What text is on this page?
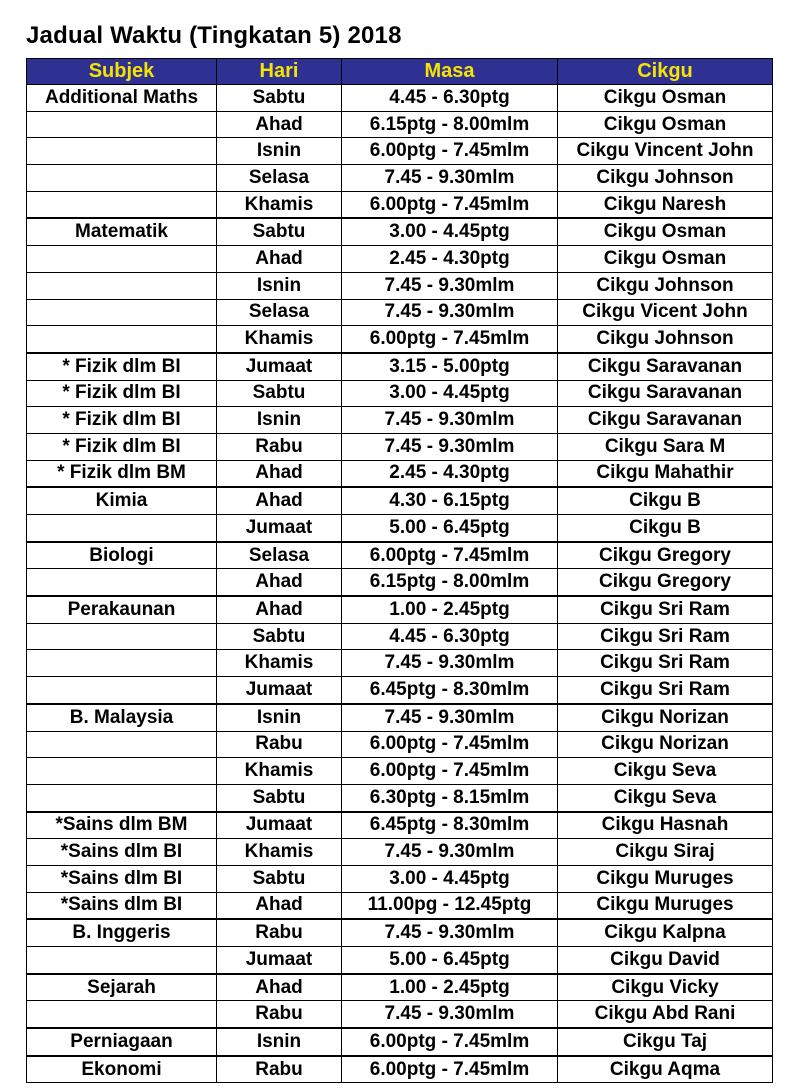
Jadual Waktu (Tingkatan 5) 2018
Subjek	Hari	Masa	Cikgu
Additional Maths	Sabtu	4.45 - 6.30ptg	Cikgu Osman
	Ahad	6.15ptg - 8.00mlm	Cikgu Osman
	Isnin	6.00ptg - 7.45mlm	Cikgu Vincent John
	Selasa	7.45 - 9.30mlm	Cikgu Johnson
	Khamis	6.00ptg - 7.45mlm	Cikgu Naresh
Matematik	Sabtu	3.00 - 4.45ptg	Cikgu Osman
	Ahad	2.45 - 4.30ptg	Cikgu Osman
	Isnin	7.45 - 9.30mlm	Cikgu Johnson
	Selasa	7.45 - 9.30mlm	Cikgu Vicent John
	Khamis	6.00ptg - 7.45mlm	Cikgu Johnson
* Fizik dlm BI	Jumaat	3.15 - 5.00ptg	Cikgu Saravanan
* Fizik dlm BI	Sabtu	3.00 - 4.45ptg	Cikgu Saravanan
* Fizik dlm BI	Isnin	7.45 - 9.30mlm	Cikgu Saravanan
* Fizik dlm BI	Rabu	7.45 - 9.30mlm	Cikgu Sara M
* Fizik dlm BM	Ahad	2.45 - 4.30ptg	Cikgu Mahathir
Kimia	Ahad	4.30 - 6.15ptg	Cikgu B
	Jumaat	5.00 - 6.45ptg	Cikgu B
Biologi	Selasa	6.00ptg - 7.45mlm	Cikgu Gregory
	Ahad	6.15ptg - 8.00mlm	Cikgu Gregory
Perakaunan	Ahad	1.00 - 2.45ptg	Cikgu Sri Ram
	Sabtu	4.45 - 6.30ptg	Cikgu Sri Ram
	Khamis	7.45 - 9.30mlm	Cikgu Sri Ram
	Jumaat	6.45ptg - 8.30mlm	Cikgu Sri Ram
B. Malaysia	Isnin	7.45 - 9.30mlm	Cikgu Norizan
	Rabu	6.00ptg - 7.45mlm	Cikgu Norizan
	Khamis	6.00ptg - 7.45mlm	Cikgu Seva
	Sabtu	6.30ptg - 8.15mlm	Cikgu Seva
*Sains dlm BM	Jumaat	6.45ptg - 8.30mlm	Cikgu Hasnah
*Sains dlm BI	Khamis	7.45 - 9.30mlm	Cikgu Siraj
*Sains dlm BI	Sabtu	3.00 - 4.45ptg	Cikgu Muruges
*Sains dlm BI	Ahad	11.00pg - 12.45ptg	Cikgu Muruges
B. Inggeris	Rabu	7.45 - 9.30mlm	Cikgu Kalpna
	Jumaat	5.00 - 6.45ptg	Cikgu David
Sejarah	Ahad	1.00 - 2.45ptg	Cikgu Vicky
	Rabu	7.45 - 9.30mlm	Cikgu Abd Rani
Perniagaan	Isnin	6.00ptg - 7.45mlm	Cikgu Taj
Ekonomi	Rabu	6.00ptg - 7.45mlm	Cikgu Aqma
